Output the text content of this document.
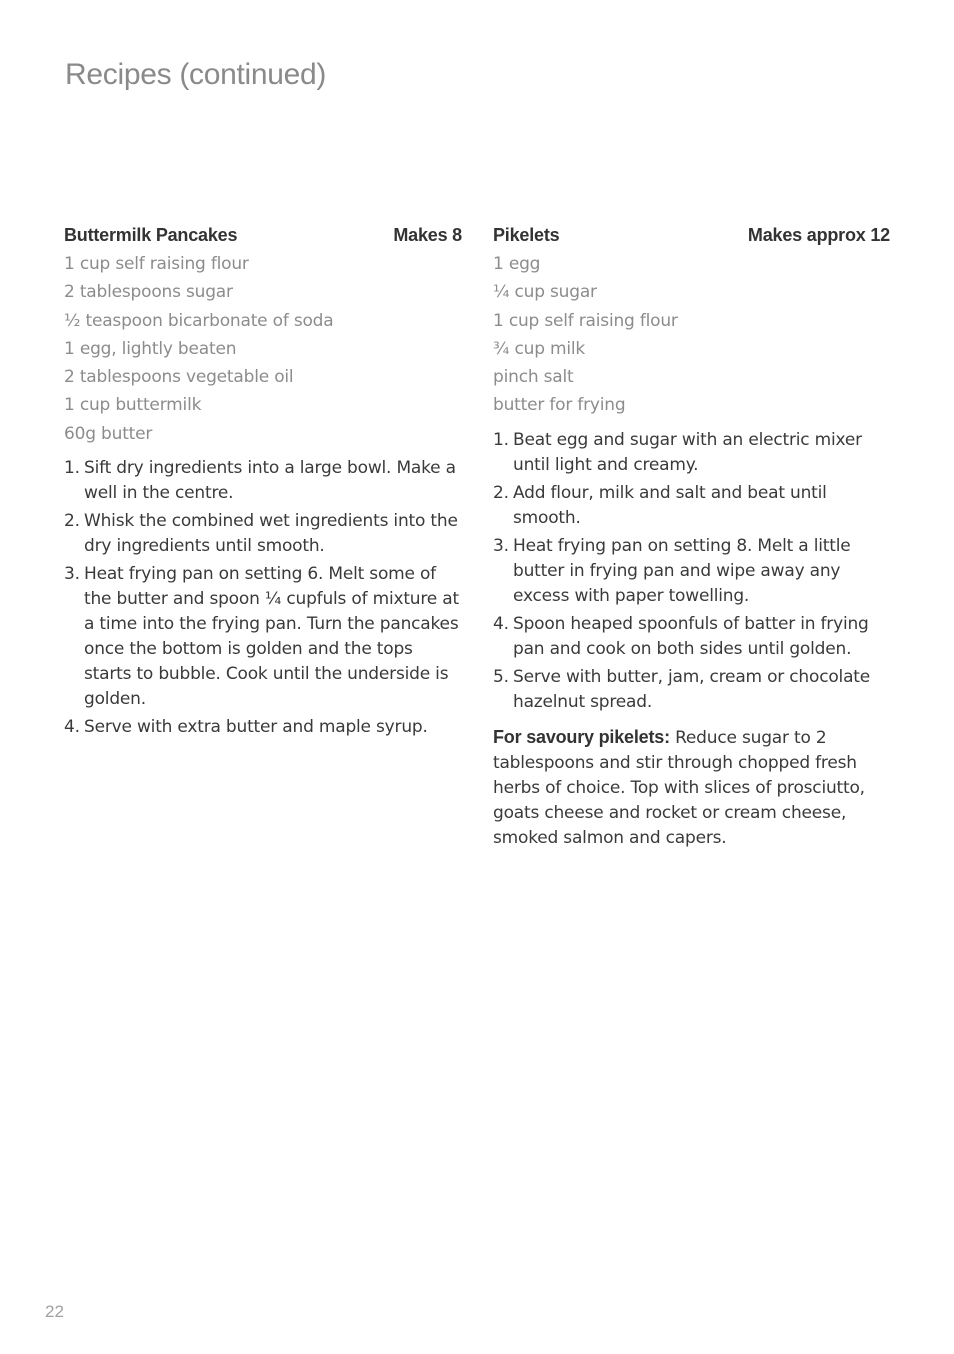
Recipes (continued)
Buttermilk Pancakes	Makes 8
1 cup self raising flour
2 tablespoons sugar
½ teaspoon bicarbonate of soda
1 egg, lightly beaten
2 tablespoons vegetable oil
1 cup buttermilk
60g butter
1. Sift dry ingredients into a large bowl. Make a well in the centre.
2. Whisk the combined wet ingredients into the dry ingredients until smooth.
3. Heat frying pan on setting 6. Melt some of the butter and spoon ¼ cupfuls of mixture at a time into the frying pan. Turn the pancakes once the bottom is golden and the tops starts to bubble. Cook until the underside is golden.
4. Serve with extra butter and maple syrup.
Pikelets	Makes approx 12
1 egg
¼ cup sugar
1 cup self raising flour
¾ cup milk
pinch salt
butter for frying
1. Beat egg and sugar with an electric mixer until light and creamy.
2. Add flour, milk and salt and beat until smooth.
3. Heat frying pan on setting 8. Melt a little butter in frying pan and wipe away any excess with paper towelling.
4. Spoon heaped spoonfuls of batter in frying pan and cook on both sides until golden.
5. Serve with butter, jam, cream or chocolate hazelnut spread.

For savoury pikelets: Reduce sugar to 2 tablespoons and stir through chopped fresh herbs of choice. Top with slices of prosciutto, goats cheese and rocket or cream cheese, smoked salmon and capers.

22
